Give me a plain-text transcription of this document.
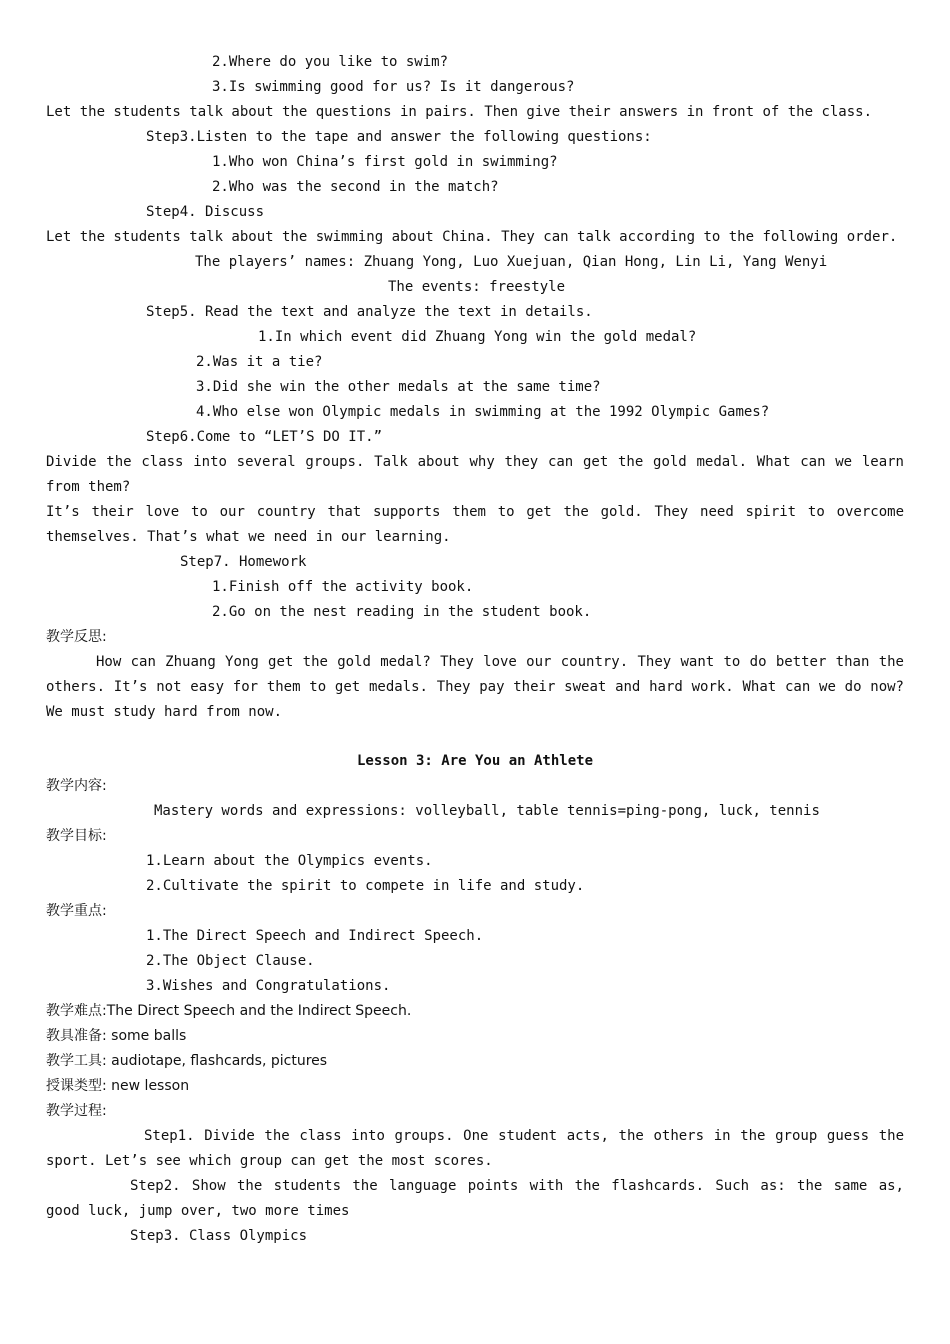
2.Where do you like to swim?
3.Is swimming good for us? Is it dangerous?
Let the students talk about the questions in pairs. Then give their answers in front of the class.
Step3.Listen to the tape and answer the following questions:
1.Who won China’s first gold in swimming?
2.Who was the second in the match?
Step4. Discuss
Let the students talk about the swimming about China. They can talk according to the following order.
The players’ names: Zhuang Yong, Luo Xuejuan, Qian Hong, Lin Li, Yang Wenyi
The events: freestyle
Step5. Read the text and analyze the text in details.
1.In which event did Zhuang Yong win the gold medal?
2.Was it a tie?
3.Did she win the other medals at the same time?
4.Who else won Olympic medals in swimming at the 1992 Olympic Games?
Step6.Come to “LET’S DO IT.”
Divide the class into several groups. Talk about why they can get the gold medal. What can we learn from them?
It’s their love to our country that supports them to get the gold. They need spirit to overcome themselves. That’s what we need in our learning.
Step7. Homework
1.Finish off the activity book.
2.Go on the nest reading in the student book.
教学反思:
How can Zhuang Yong get the gold medal? They love our country. They want to do better than the others. It’s not easy for them to get medals. They pay their sweat and hard work. What can we do now? We must study hard from now.
Lesson 3: Are You an Athlete
教学内容:
Mastery words and expressions: volleyball, table tennis=ping-pong, luck, tennis
教学目标:
1.Learn about the Olympics events.
2.Cultivate the spirit to compete in life and study.
教学重点:
1.The Direct Speech and Indirect Speech.
2.The Object Clause.
3.Wishes and Congratulations.
教学难点:The Direct Speech and the Indirect Speech.
教具准备: some balls
教学工具: audiotape, flashcards, pictures
授课类型: new lesson
教学过程:
Step1. Divide the class into groups. One student acts, the others in the group guess the sport. Let’s see which group can get the most scores.
Step2. Show the students the language points with the flashcards. Such as: the same as, good luck, jump over, two more times
Step3. Class Olympics
